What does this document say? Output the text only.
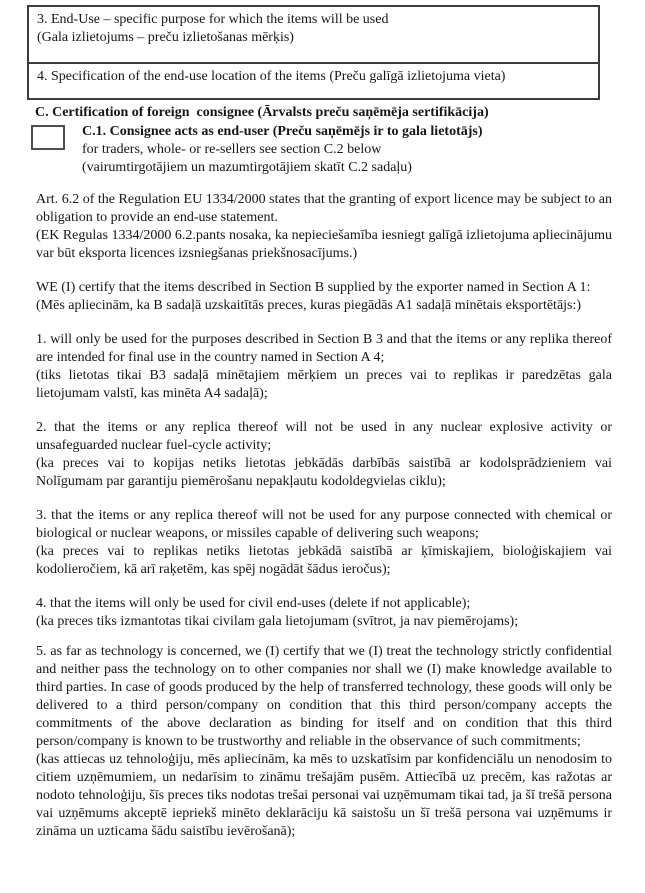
3. End-Use – specific purpose for which the items will be used
(Gala izlietojums – preču izlietošanas mērķis)
4. Specification of the end-use location of the items (Preču galīgā izlietojuma vieta)
C. Certification of foreign  consignee (Ārvalsts preču saņēmēja sertifikācija)
C.1. Consignee acts as end-user (Preču saņēmējs ir to gala lietotājs)
for traders, whole- or re-sellers see section C.2 below
(vairumtirgotājiem un mazumtirgotājiem skatīt C.2 sadaļu)
Art. 6.2 of the Regulation EU 1334/2000 states that the granting of export licence may be subject to an obligation to provide an end-use statement.
(EK Regulas 1334/2000 6.2.pants nosaka, ka nepieciešamība iesniegt galīgā izlietojuma apliecinājumu var būt eksporta licences izsniegšanas priekšnosacījums.)
WE (I) certify that the items described in Section B supplied by the exporter named in Section A 1:
(Mēs apliecinām, ka B sadaļā uzskaitītās preces, kuras piegādās A1 sadaļā minētais eksportētājs:)
1. will only be used for the purposes described in Section B 3 and that the items or any replika thereof are intended for final use in the country named in Section A 4;
(tiks lietotas tikai B3 sadaļā minētajiem mērķiem un preces vai to replikas ir paredzētas gala lietojumam valstī, kas minēta A4 sadaļā);
2. that the items or any replica thereof will not be used in any nuclear explosive activity or unsafeguarded nuclear fuel-cycle activity;
(ka preces vai to kopijas netiks lietotas jebkādās darbībās saistībā ar kodolsprādzieniem vai Nolīgumam par garantiju piemērošanu nepakļautu kodoldegvielas ciklu);
3. that the items or any replica thereof will not be used for any purpose connected with chemical or biological or nuclear weapons, or missiles capable of delivering such weapons;
(ka preces vai to replikas netiks lietotas jebkādā saistībā ar ķīmiskajiem, bioloģiskajiem vai kodolieročiem, kā arī raķetēm, kas spēj nogādāt šādus ieročus);
4. that the items will only be used for civil end-uses (delete if not applicable);
(ka preces tiks izmantotas tikai civilam gala lietojumam (svītrot, ja nav piemērojams);
5. as far as technology is concerned, we (I) certify that we (I) treat the technology strictly confidential and neither pass the technology on to other companies nor shall we (I) make knowledge available to third parties. In case of goods produced by the help of transferred technology, these goods will only be delivered to a third person/company on condition that this third person/company accepts the commitments of the above declaration as binding for itself and on condition that this third person/company is known to be trustworthy and reliable in the observance of such commitments;
(kas attiecas uz tehnoloģiju, mēs apliecinām, ka mēs to uzskatīsim par konfidenciālu un nenodosim to citiem uzņēmumiem, un nedarīsim to zināmu trešajām pusēm. Attiecībā uz precēm, kas ražotas ar nodoto tehnoloģiju, šīs preces tiks nodotas trešai personai vai uzņēmumam tikai tad, ja šī trešā persona vai uzņēmums akceptē iepriekš minēto deklarāciju kā saistošu un šī trešā persona vai uzņēmums ir zināma un uzticama šādu saistību ievērošanā);
